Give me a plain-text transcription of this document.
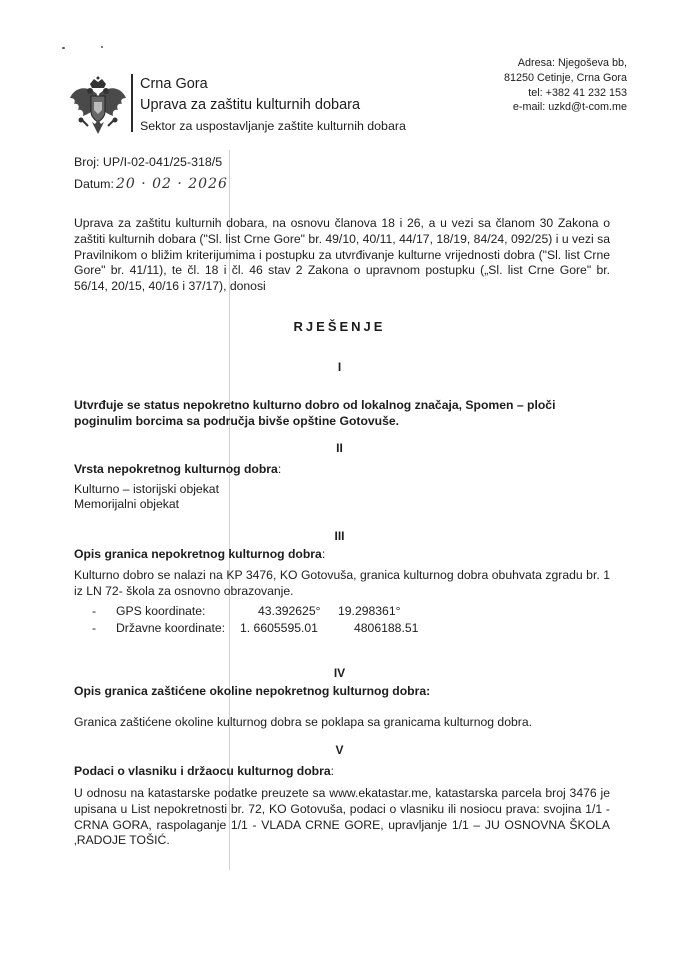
Crna Gora
Uprava za zaštitu kulturnih dobara
Sektor za uspostavljanje zaštite kulturnih dobara
Adresa: Njegoševa bb,
81250 Cetinje, Crna Gora
tel: +382 41 232 153
e-mail: uzkd@t-com.me
Broj: UP/I-02-041/25-318/5
Datum: 20 · 02 · 2026
Uprava za zaštitu kulturnih dobara, na osnovu članova 18 i 26, a u vezi sa članom 30 Zakona o zaštiti kulturnih dobara ("Sl. list Crne Gore" br. 49/10, 40/11, 44/17, 18/19, 84/24, 092/25) i u vezi sa Pravilnikom o bližim kriterijumima i postupku za utvrđivanje kulturne vrijednosti dobra ("Sl. list Crne Gore" br. 41/11), te čl. 18 i čl. 46 stav 2 Zakona o upravnom postupku („Sl. list Crne Gore" br. 56/14, 20/15, 40/16 i 37/17), donosi
RJEŠENJE
I
Utvrđuje se status nepokretno kulturno dobro od lokalnog značaja, Spomen – ploči poginulim borcima sa područja bivše opštine Gotovuše.
II
Vrsta nepokretnog kulturnog dobra:
Kulturno – istorijski objekat
Memorijalni objekat
III
Opis granica nepokretnog kulturnog dobra:
Kulturno dobro se nalazi na KP 3476, KO Gotovuša, granica kulturnog dobra obuhvata zgradu br. 1 iz LN 72- škola za osnovno obrazovanje.
- GPS koordinate:	43.392625° 19.298361°
- Državne koordinate: 1. 6605595.01	4806188.51
IV
Opis granica zaštićene okoline nepokretnog kulturnog dobra:
Granica zaštićene okoline kulturnog dobra se poklapa sa granicama kulturnog dobra.
V
Podaci o vlasniku i držaocu kulturnog dobra:
U odnosu na katastarske podatke preuzete sa www.ekatastar.me, katastarska parcela broj 3476 je upisana u List nepokretnosti br. 72, KO Gotovuša, podaci o vlasniku ili nosiocu prava: svojina 1/1 - CRNA GORA, raspolaganje 1/1 - VLADA CRNE GORE, upravljanje 1/1 – JU OSNOVNA ŠKOLA ‚RADOJE TOŠIĆ.
